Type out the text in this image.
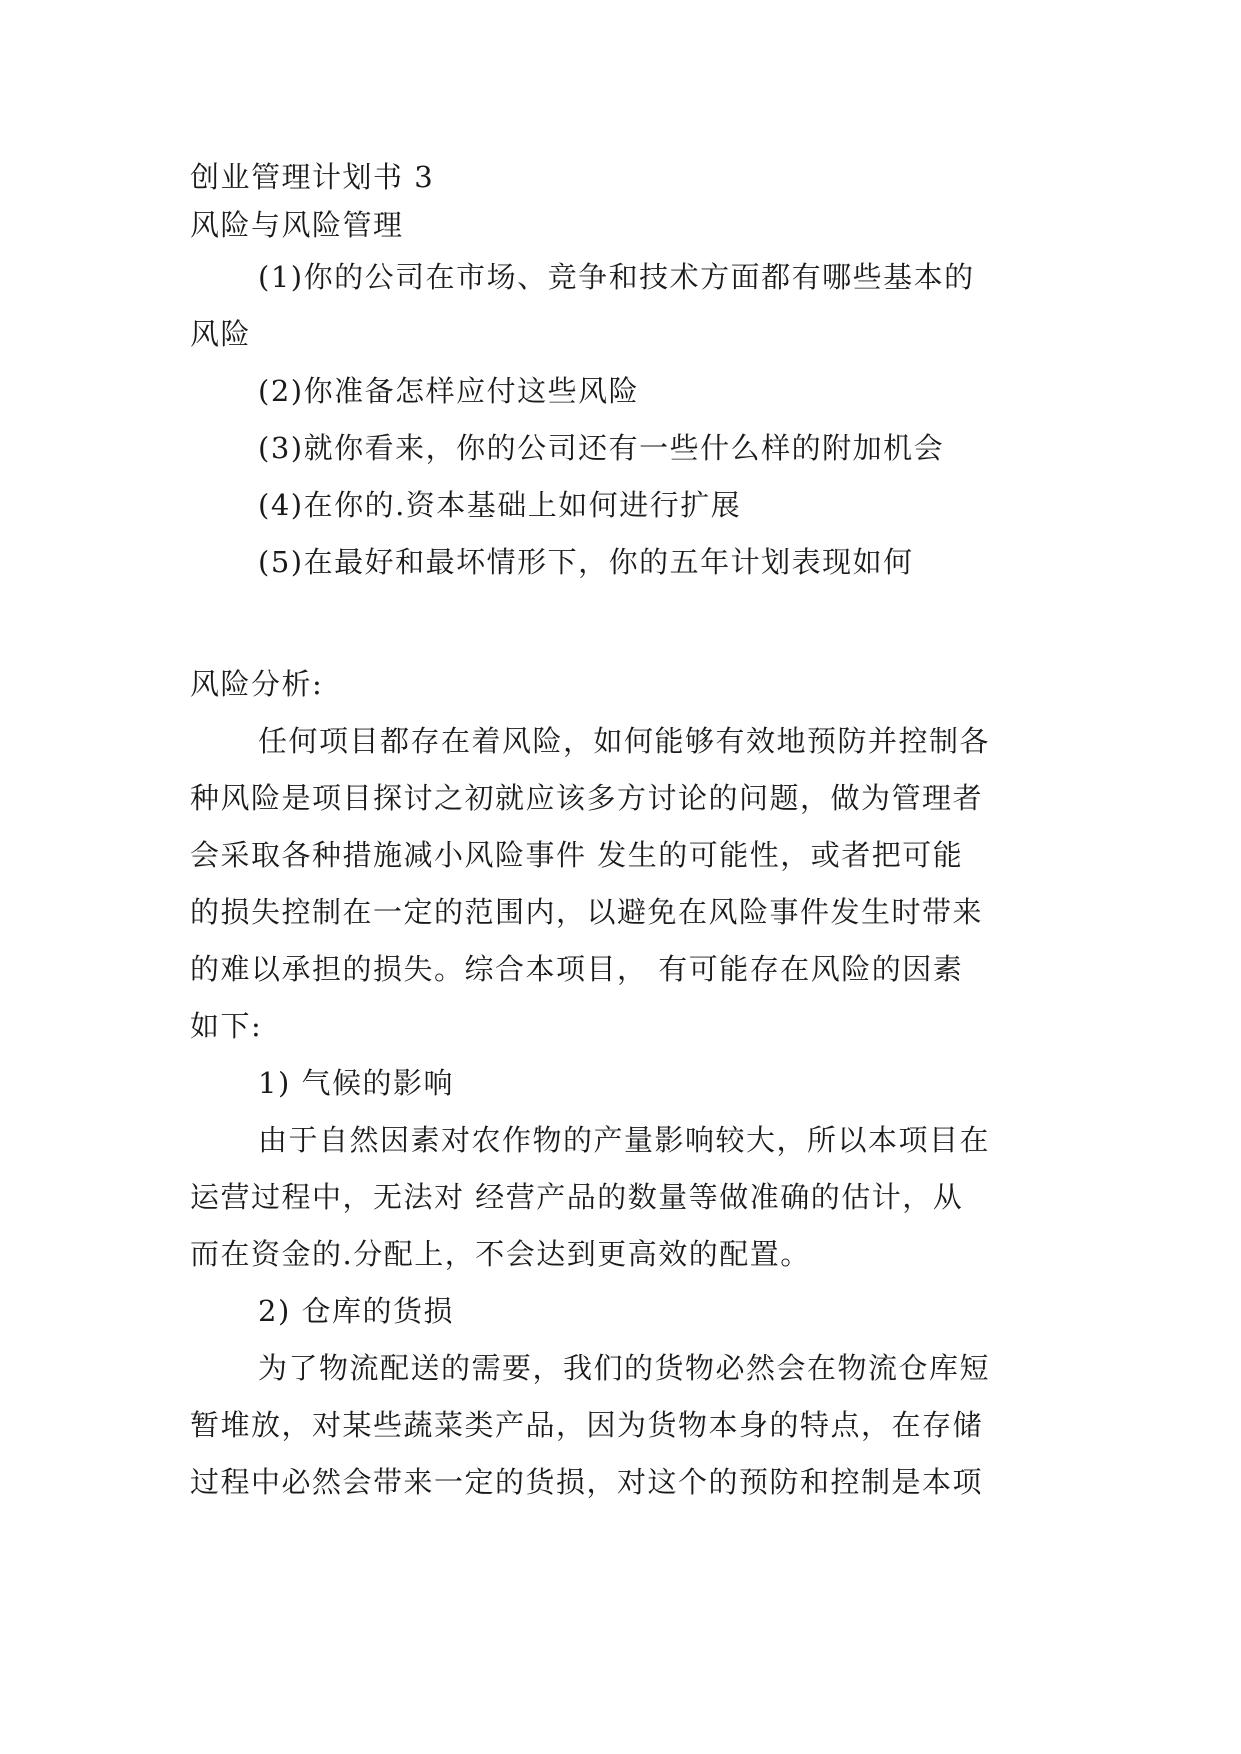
创业管理计划书 3

风险与风险管理

(1)你的公司在市场、竞争和技术方面都有哪些基本的

风险

(2)你准备怎样应付这些风险

(3)就你看来，你的公司还有一些什么样的附加机会

(4)在你的.资本基础上如何进行扩展

(5)在最好和最坏情形下，你的五年计划表现如何

风险分析:

任何项目都存在着风险，如何能够有效地预防并控制各

种风险是项目探讨之初就应该多方讨论的问题，做为管理者

会采取各种措施减小风险事件 发生的可能性，或者把可能

的损失控制在一定的范围内，以避免在风险事件发生时带来

的难以承担的损失。综合本项目， 有可能存在风险的因素

如下:

1) 气候的影响

由于自然因素对农作物的产量影响较大，所以本项目在

运营过程中，无法对 经营产品的数量等做准确的估计，从

而在资金的.分配上，不会达到更高效的配置。

2) 仓库的货损

为了物流配送的需要，我们的货物必然会在物流仓库短

暂堆放，对某些蔬菜类产品，因为货物本身的特点，在存储

过程中必然会带来一定的货损，对这个的预防和控制是本项
